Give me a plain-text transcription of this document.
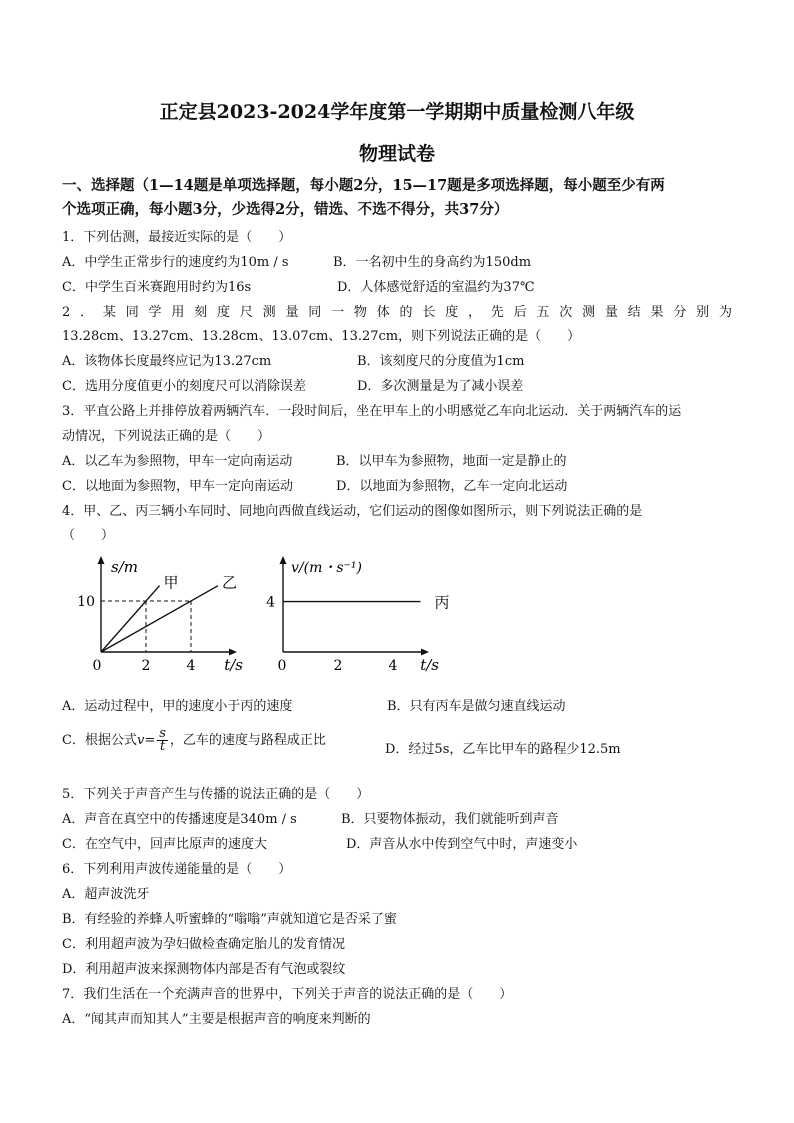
正定县2023-2024学年度第一学期期中质量检测八年级
物理试卷
一、选择题（1—14题是单项选择题，每小题2分，15—17题是多项选择题，每小题至少有两
个选项正确，每小题3分，少选得2分，错选、不选不得分，共37分）
1．下列估测，最接近实际的是（　　）
A．中学生正常步行的速度约为10m / s	B．一名初中生的身高约为150dm
C．中学生百米赛跑用时约为16s	D．人体感觉舒适的室温约为37℃
2．某同学用刻度尺测量同一物体的长度，先后五次测量结果分别为
13.28cm、13.27cm、13.28cm、13.07cm、13.27cm，则下列说法正确的是（　　）
A．该物体长度最终应记为13.27cm	B．该刻度尺的分度值为1cm
C．选用分度值更小的刻度尺可以消除误差	D．多次测量是为了减小误差
3．平直公路上并排停放着两辆汽车．一段时间后，坐在甲车上的小明感觉乙车向北运动．关于两辆汽车的运
动情况，下列说法正确的是（　　）
A．以乙车为参照物，甲车一定向南运动	B．以甲车为参照物，地面一定是静止的
C．以地面为参照物，甲车一定向南运动	D．以地面为参照物，乙车一定向北运动
4．甲、乙、丙三辆小车同时、同地向西做直线运动，它们运动的图像如图所示，则下列说法正确的是
（　　）
s/m
0	2	4
10
t/s
甲	乙
v/(m・s⁻¹)
0	2	4
4
t/s
丙
A．运动过程中，甲的速度小于丙的速度	B．只有丙车是做匀速直线运动
C．根据公式$v= \frac{s}{t}$ ，乙车的速度与路程成正比
D．经过5s，乙车比甲车的路程少12.5m
5．下列关于声音产生与传播的说法正确的是（　　）
A．声音在真空中的传播速度是340m / s	B．只要物体振动，我们就能听到声音
C．在空气中，回声比原声的速度大	D．声音从水中传到空气中时，声速变小
6．下列利用声波传递能量的是（　　）
A．超声波洗牙
B．有经验的养蜂人听蜜蜂的“嗡嗡”声就知道它是否采了蜜
C．利用超声波为孕妇做检查确定胎儿的发育情况
D．利用超声波来探测物体内部是否有气泡或裂纹
7．我们生活在一个充满声音的世界中，下列关于声音的说法正确的是（　　）
A．“闻其声而知其人”主要是根据声音的响度来判断的
